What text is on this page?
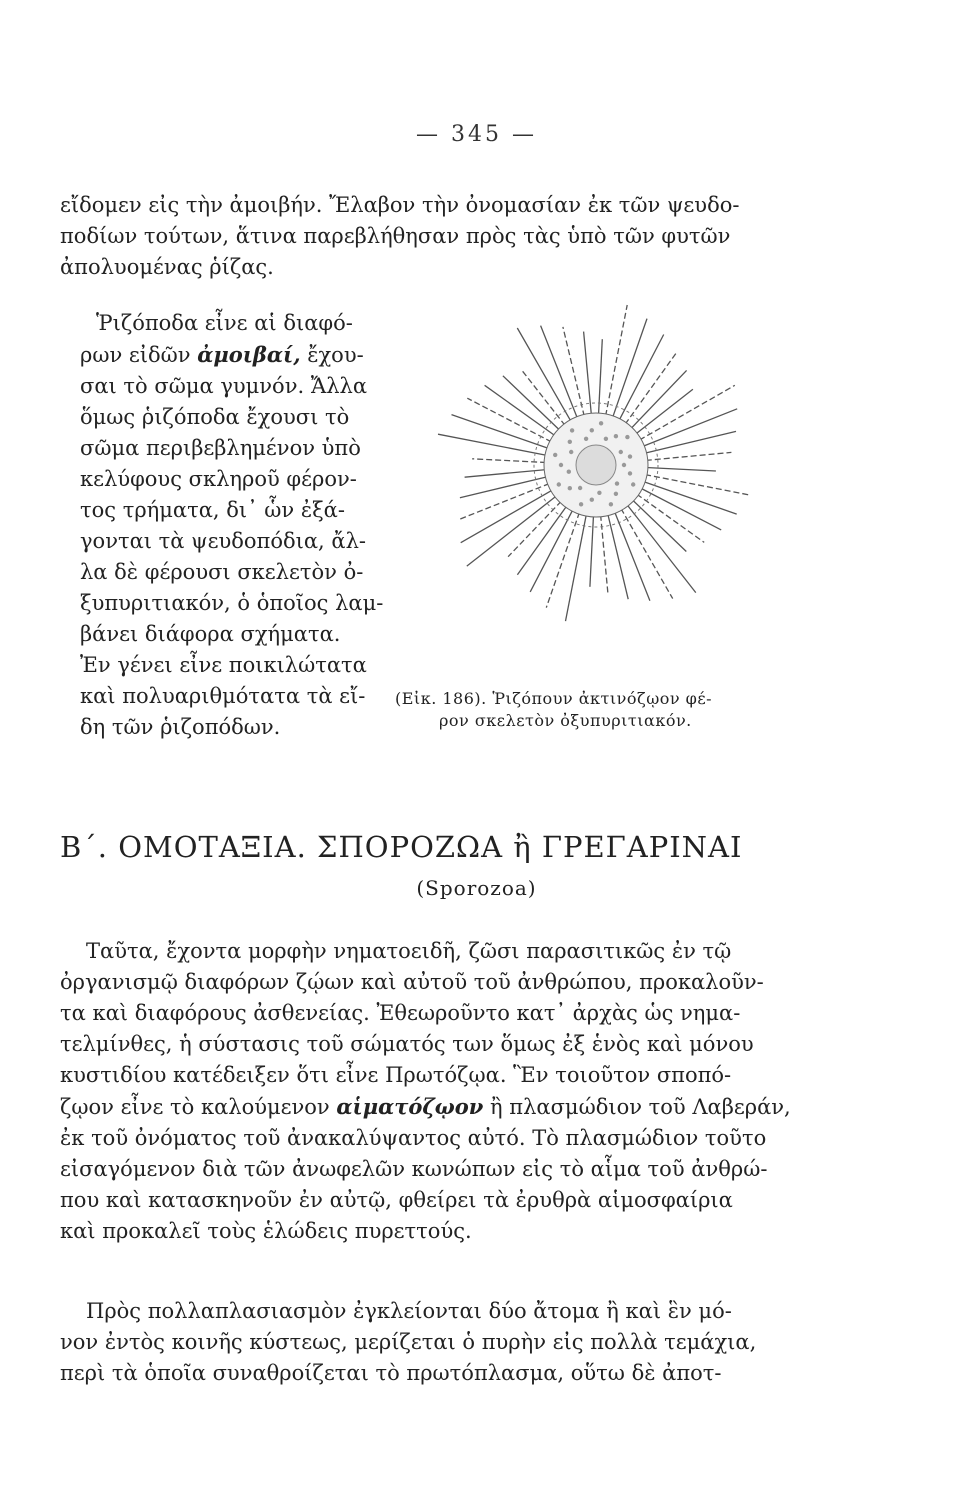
— 345 —
εἴδομεν εἰς τὴν ἀμοιβήν. Ἔλαβον τὴν ὀνομασίαν ἐκ τῶν ψευδο-
ποδίων τούτων, ἅτινα παρεβλήθησαν πρὸς τὰς ὑπὸ τῶν φυτῶν
ἀπολυομένας ῥίζας.
Ῥιζόποδα εἶνε αἱ διαφό-
ρων εἰδῶν ἀμοιβαί, ἔχου-
σαι τὸ σῶμα γυμνόν. Ἄλλα
ὅμως ῥιζόποδα ἔχουσι τὸ
σῶμα περιβεβλημένον ὑπὸ
κελύφους σκληροῦ φέρον-
τος τρήματα, δι᾽ ὧν ἐξά-
γονται τὰ ψευδοπόδια, ἄλ-
λα δὲ φέρουσι σκελετὸν ὀ-
ξυπυριτιακόν, ὁ ὁποῖος λαμ-
βάνει διάφορα σχήματα.
Ἐν γένει εἶνε ποικιλώτατα
καὶ πολυαριθμότατα τὰ εἴ-
δη τῶν ῥιζοπόδων.
(Εἰκ. 186). Ῥιζόπουν ἀκτινόζῳον φέ-
ρον σκελετὸν ὀξυπυριτιακόν.
Β΄. ΟΜΟΤΑΞΙΑ. ΣΠΟΡΟΖΩΑ ἢ ΓΡΕΓΑΡΙΝΑΙ
(Sporozoa)
Ταῦτα, ἔχοντα μορφὴν νηματοειδῆ, ζῶσι παρασιτικῶς ἐν τῷ
ὀργανισμῷ διαφόρων ζῴων καὶ αὐτοῦ τοῦ ἀνθρώπου, προκαλοῦν-
τα καὶ διαφόρους ἀσθενείας. Ἐθεωροῦντο κατ᾽ ἀρχὰς ὡς νημα-
τελμίνθες, ἡ σύστασις τοῦ σώματός των ὅμως ἐξ ἑνὸς καὶ μόνου
κυστιδίου κατέδειξεν ὅτι εἶνε Πρωτόζῳα. Ἓν τοιοῦτον σποπό-
ζῳον εἶνε τὸ καλούμενον αἱματόζῳον ἢ πλασμώδιον τοῦ Λαβεράν,
ἐκ τοῦ ὀνόματος τοῦ ἀνακαλύψαντος αὐτό. Τὸ πλασμώδιον τοῦτο
εἰσαγόμενον διὰ τῶν ἀνωφελῶν κωνώπων εἰς τὸ αἷμα τοῦ ἀνθρώ-
που καὶ κατασκηνοῦν ἐν αὐτῷ, φθείρει τὰ ἐρυθρὰ αἱμοσφαίρια
καὶ προκαλεῖ τοὺς ἑλώδεις πυρεττούς.
Πρὸς πολλαπλασιασμὸν ἐγκλείονται δύο ἄτομα ἢ καὶ ἓν μό-
νον ἐντὸς κοινῆς κύστεως, μερίζεται ὁ πυρὴν εἰς πολλὰ τεμάχια,
περὶ τὰ ὁποῖα συναθροίζεται τὸ πρωτόπλασμα, οὕτω δὲ ἀποτ-
